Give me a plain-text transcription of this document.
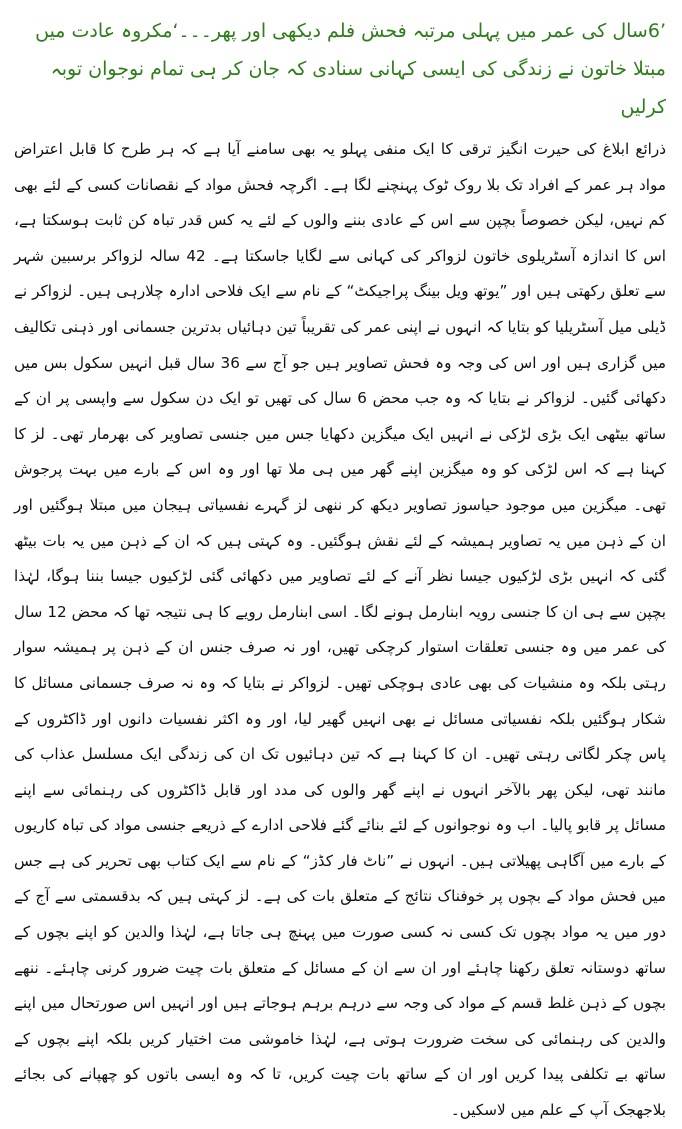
’6سال کی عمر میں پہلی مرتبہ فحش فلم دیکھی اور پھر۔۔۔‘مکروہ عادت میں مبتلا خاتون نے زندگی کی ایسی کہانی سنادی کہ جان کر ہی تمام نوجوان توبہ کرلیں

ذرائع ابلاغ کی حیرت انگیز ترقی کا ایک منفی پہلو یہ بھی سامنے آیا ہے کہ ہر طرح کا قابل اعتراض مواد ہر عمر کے افراد تک بلا روک ٹوک پہنچنے لگا ہے۔ اگرچہ فحش مواد کے نقصانات کسی کے لئے بھی کم نہیں، لیکن خصوصاً بچپن سے اس کے عادی بننے والوں کے لئے یہ کس قدر تباہ کن ثابت ہوسکتا ہے، اس کا اندازہ آسٹریلوی خاتون لزواکر کی کہانی سے لگایا جاسکتا ہے۔ 42 سالہ لزواکر برسبین شہر سے تعلق رکھتی ہیں اور ”یوتھ ویل بینگ پراجیکٹ“ کے نام سے ایک فلاحی ادارہ چلارہی ہیں۔ لزواکر نے ڈیلی میل آسٹریلیا کو بتایا کہ انہوں نے اپنی عمر کی تقریباً تین دہائیاں بدترین جسمانی اور ذہنی تکالیف میں گزاری ہیں اور اس کی وجہ وہ فحش تصاویر ہیں جو آج سے 36 سال قبل انہیں سکول بس میں دکھائی گئیں۔ لزواکر نے بتایا کہ وہ جب محض 6 سال کی تھیں تو ایک دن سکول سے واپسی پر ان کے ساتھ بیٹھی ایک بڑی لڑکی نے انہیں ایک میگزین دکھایا جس میں جنسی تصاویر کی بھرمار تھی۔ لز کا کہنا ہے کہ اس لڑکی کو وہ میگزین اپنے گھر میں ہی ملا تھا اور وہ اس کے بارے میں بہت پرجوش تھی۔ میگزین میں موجود حیاسوز تصاویر دیکھ کر ننھی لز گہرے نفسیاتی ہیجان میں مبتلا ہوگئیں اور ان کے ذہن میں یہ تصاویر ہمیشہ کے لئے نقش ہوگئیں۔ وہ کہتی ہیں کہ ان کے ذہن میں یہ بات بیٹھ گئی کہ انہیں بڑی لڑکیوں جیسا نظر آنے کے لئے تصاویر میں دکھائی گئی لڑکیوں جیسا بننا ہوگا، لہٰذا بچپن سے ہی ان کا جنسی رویہ ابنارمل ہونے لگا۔ اسی ابنارمل رویے کا ہی نتیجہ تھا کہ محض 12 سال کی عمر میں وہ جنسی تعلقات استوار کرچکی تھیں، اور نہ صرف جنس ان کے ذہن پر ہمیشہ سوار رہتی بلکہ وہ منشیات کی بھی عادی ہوچکی تھیں۔ لزواکر نے بتایا کہ وہ نہ صرف جسمانی مسائل کا شکار ہوگئیں بلکہ نفسیاتی مسائل نے بھی انہیں گھیر لیا، اور وہ اکثر نفسیات دانوں اور ڈاکٹروں کے پاس چکر لگاتی رہتی تھیں۔ ان کا کہنا ہے کہ تین دہائیوں تک ان کی زندگی ایک مسلسل عذاب کی مانند تھی، لیکن پھر بالآخر انہوں نے اپنے گھر والوں کی مدد اور قابل ڈاکٹروں کی رہنمائی سے اپنے مسائل پر قابو پالیا۔ اب وہ نوجوانوں کے لئے بنائے گئے فلاحی ادارے کے ذریعے جنسی مواد کی تباہ کاریوں کے بارے میں آگاہی پھیلاتی ہیں۔ انہوں نے ”ناٹ فار کڈز“ کے نام سے ایک کتاب بھی تحریر کی ہے جس میں فحش مواد کے بچوں پر خوفناک نتائج کے متعلق بات کی ہے۔ لز کہتی ہیں کہ بدقسمتی سے آج کے دور میں یہ مواد بچوں تک کسی نہ کسی صورت میں پہنچ ہی جاتا ہے، لہٰذا والدین کو اپنے بچوں کے ساتھ دوستانہ تعلق رکھنا چاہئے اور ان سے ان کے مسائل کے متعلق بات چیت ضرور کرنی چاہئے۔ ننھے بچوں کے ذہن غلط قسم کے مواد کی وجہ سے درہم برہم ہوجاتے ہیں اور انہیں اس صورتحال میں اپنے والدین کی رہنمائی کی سخت ضرورت ہوتی ہے، لہٰذا خاموشی مت اختیار کریں بلکہ اپنے بچوں کے ساتھ بے تکلفی پیدا کریں اور ان کے ساتھ بات چیت کریں، تا کہ وہ ایسی باتوں کو چھپانے کی بجائے بلاجھجک آپ کے علم میں لاسکیں۔
